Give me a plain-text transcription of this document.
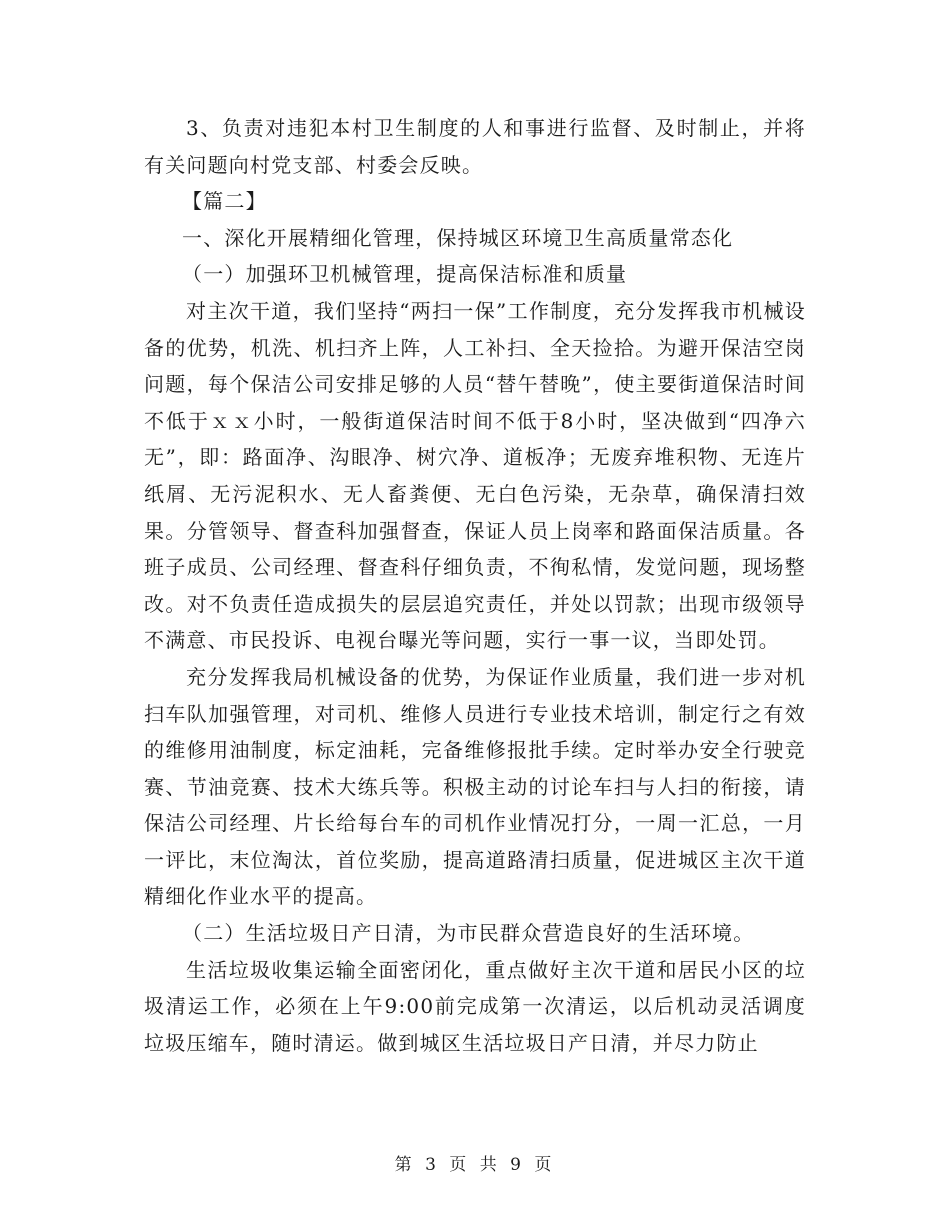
3、负责对违犯本村卫生制度的人和事进行监督、及时制止，并将有关问题向村党支部、村委会反映。

【篇二】

一、深化开展精细化管理，保持城区环境卫生高质量常态化

（一）加强环卫机械管理，提高保洁标准和质量

对主次干道，我们坚持“两扫一保”工作制度，充分发挥我市机械设备的优势，机洗、机扫齐上阵，人工补扫、全天捡拾。为避开保洁空岗问题，每个保洁公司安排足够的人员“替午替晚”，使主要街道保洁时间不低于ｘｘ小时，一般街道保洁时间不低于8小时，坚决做到“四净六无”，即：路面净、沟眼净、树穴净、道板净；无废弃堆积物、无连片纸屑、无污泥积水、无人畜粪便、无白色污染，无杂草，确保清扫效果。分管领导、督查科加强督查，保证人员上岗率和路面保洁质量。各班子成员、公司经理、督查科仔细负责，不徇私情，发觉问题，现场整改。对不负责任造成损失的层层追究责任，并处以罚款；出现市级领导不满意、市民投诉、电视台曝光等问题，实行一事一议，当即处罚。

充分发挥我局机械设备的优势，为保证作业质量，我们进一步对机扫车队加强管理，对司机、维修人员进行专业技术培训，制定行之有效的维修用油制度，标定油耗，完备维修报批手续。定时举办安全行驶竞赛、节油竞赛、技术大练兵等。积极主动的讨论车扫与人扫的衔接，请保洁公司经理、片长给每台车的司机作业情况打分，一周一汇总，一月一评比，末位淘汰，首位奖励，提高道路清扫质量，促进城区主次干道精细化作业水平的提高。

（二）生活垃圾日产日清，为市民群众营造良好的生活环境。

生活垃圾收集运输全面密闭化，重点做好主次干道和居民小区的垃圾清运工作，必须在上午9:00前完成第一次清运，以后机动灵活调度垃圾压缩车，随时清运。做到城区生活垃圾日产日清，并尽力防止

第 3 页 共 9 页
